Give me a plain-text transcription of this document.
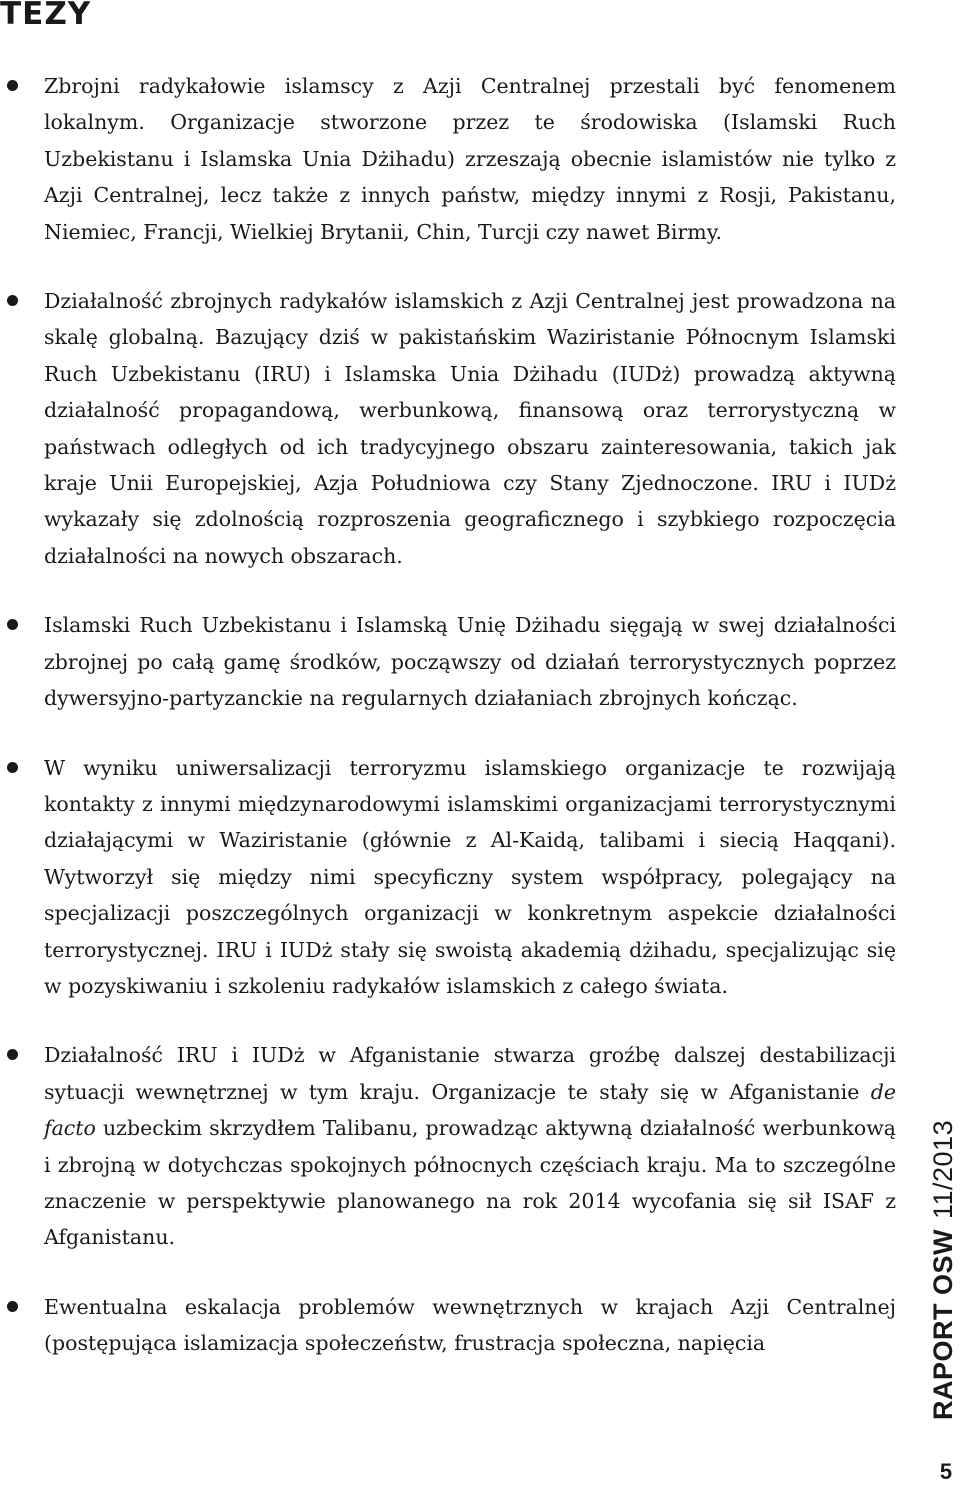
TEZY

Zbrojni radykałowie islamscy z Azji Centralnej przestali być fenomenem lokalnym. Organizacje stworzone przez te środowiska (Islamski Ruch Uzbekistanu i Islamska Unia Dżihadu) zrzeszają obecnie islamistów nie tylko z Azji Centralnej, lecz także z innych państw, między innymi z Rosji, Pakistanu, Niemiec, Francji, Wielkiej Brytanii, Chin, Turcji czy nawet Birmy.

Działalność zbrojnych radykałów islamskich z Azji Centralnej jest prowadzona na skalę globalną. Bazujący dziś w pakistańskim Waziristanie Północnym Islamski Ruch Uzbekistanu (IRU) i Islamska Unia Dżihadu (IUDż) prowadzą aktywną działalność propagandową, werbunkową, finansową oraz terrorystyczną w państwach odległych od ich tradycyjnego obszaru zainteresowania, takich jak kraje Unii Europejskiej, Azja Południowa czy Stany Zjednoczone. IRU i IUDż wykazały się zdolnością rozproszenia geograficznego i szybkiego rozpoczęcia działalności na nowych obszarach.

Islamski Ruch Uzbekistanu i Islamską Unię Dżihadu sięgają w swej działalności zbrojnej po całą gamę środków, począwszy od działań terrorystycznych poprzez dywersyjno-partyzanckie na regularnych działaniach zbrojnych kończąc.

W wyniku uniwersalizacji terroryzmu islamskiego organizacje te rozwijają kontakty z innymi międzynarodowymi islamskimi organizacjami terrorystycznymi działającymi w Waziristanie (głównie z Al-Kaidą, talibami i siecią Haqqani). Wytworzył się między nimi specyficzny system współpracy, polegający na specjalizacji poszczególnych organizacji w konkretnym aspekcie działalności terrorystycznej. IRU i IUDż stały się swoistą akademią dżihadu, specjalizując się w pozyskiwaniu i szkoleniu radykałów islamskich z całego świata.

Działalność IRU i IUDż w Afganistanie stwarza groźbę dalszej destabilizacji sytuacji wewnętrznej w tym kraju. Organizacje te stały się w Afganistanie de facto uzbeckim skrzydłem Talibanu, prowadząc aktywną działalność werbunkową i zbrojną w dotychczas spokojnych północnych częściach kraju. Ma to szczególne znaczenie w perspektywie planowanego na rok 2014 wycofania się sił ISAF z Afganistanu.

Ewentualna eskalacja problemów wewnętrznych w krajach Azji Centralnej (postępująca islamizacja społeczeństw, frustracja społeczna, napięcia	RAPORT OSW11/2013
5
